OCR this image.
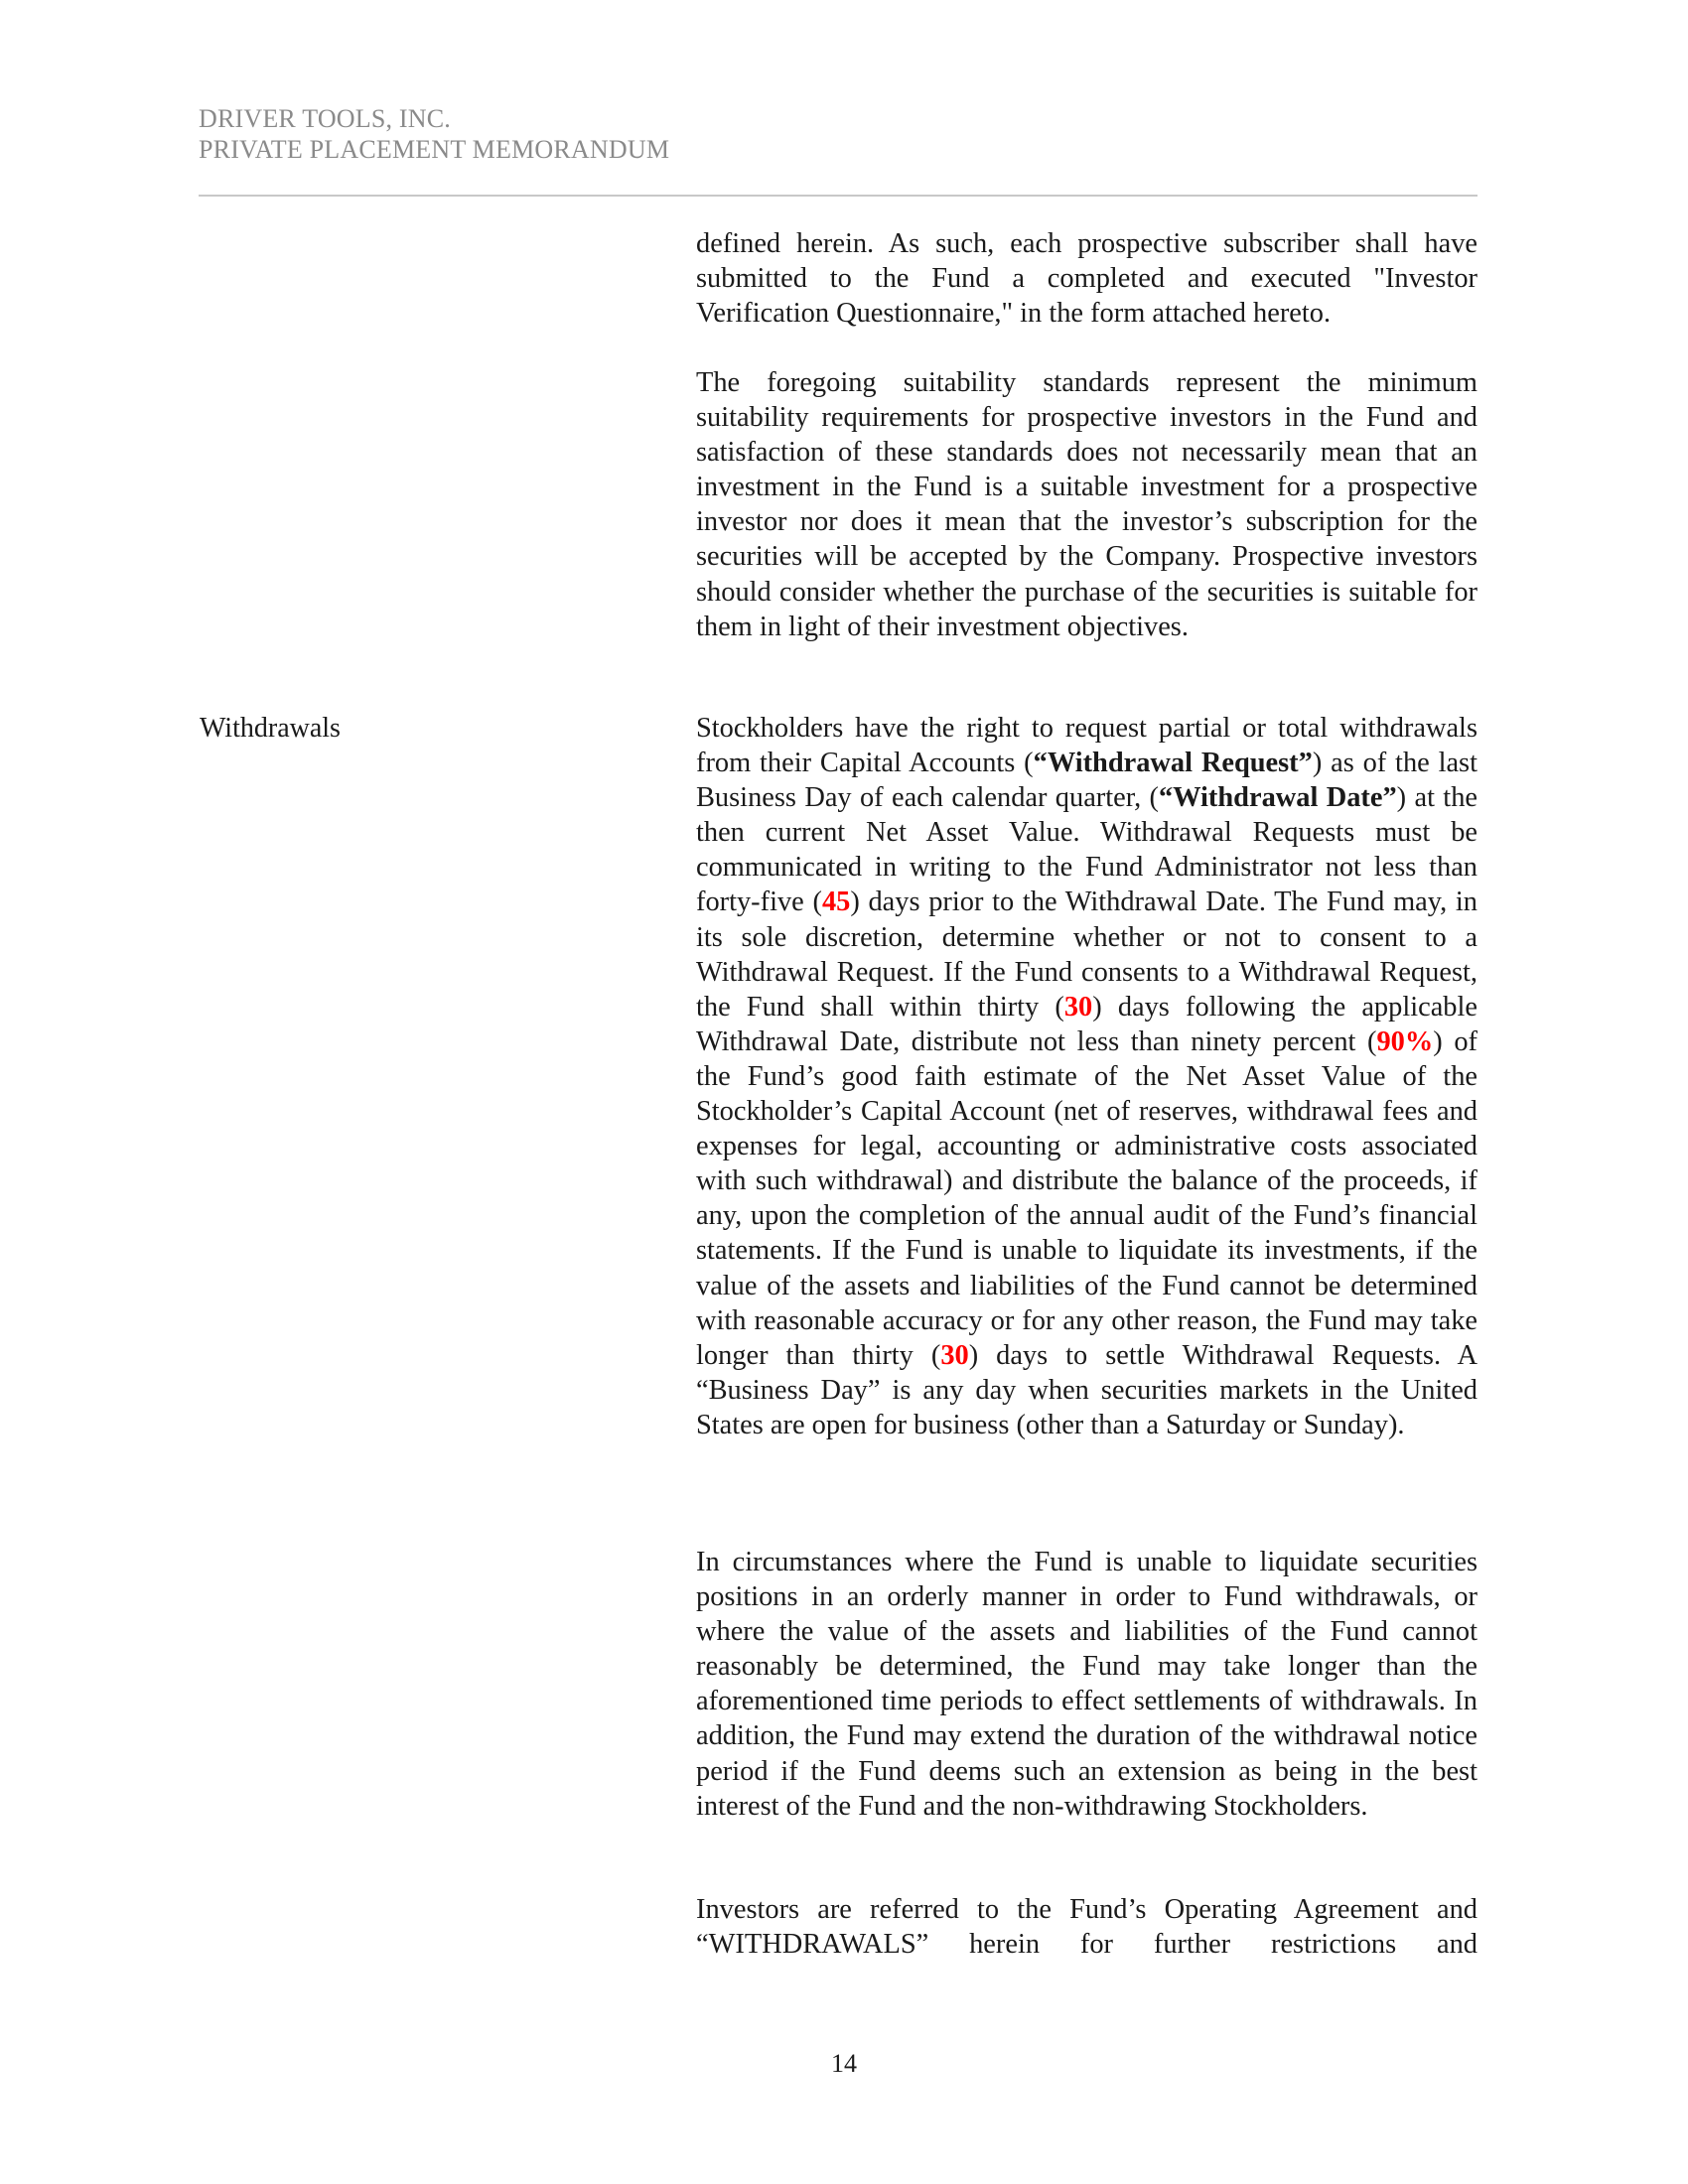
DRIVER TOOLS, INC.
PRIVATE PLACEMENT MEMORANDUM

defined herein. As such, each prospective subscriber shall have submitted to the Fund a completed and executed "Investor Verification Questionnaire," in the form attached hereto.

The foregoing suitability standards represent the minimum suitability requirements for prospective investors in the Fund and satisfaction of these standards does not necessarily mean that an investment in the Fund is a suitable investment for a prospective investor nor does it mean that the investor’s subscription for the securities will be accepted by the Company. Prospective investors should consider whether the purchase of the securities is suitable for them in light of their investment objectives.

Withdrawals	Stockholders have the right to request partial or total withdrawals from their Capital Accounts (“Withdrawal Request”) as of the last Business Day of each calendar quarter, (“Withdrawal Date”) at the then current Net Asset Value. Withdrawal Requests must be communicated in writing to the Fund Administrator not less than forty-five (45) days prior to the Withdrawal Date. The Fund may, in its sole discretion, determine whether or not to consent to a Withdrawal Request. If the Fund consents to a Withdrawal Request, the Fund shall within thirty (30) days following the applicable Withdrawal Date, distribute not less than ninety percent (90%) of the Fund’s good faith estimate of the Net Asset Value of the Stockholder’s Capital Account (net of reserves, withdrawal fees and expenses for legal, accounting or administrative costs associated with such withdrawal) and distribute the balance of the proceeds, if any, upon the completion of the annual audit of the Fund’s financial statements. If the Fund is unable to liquidate its investments, if the value of the assets and liabilities of the Fund cannot be determined with reasonable accuracy or for any other reason, the Fund may take longer than thirty (30) days to settle Withdrawal Requests. A “Business Day” is any day when securities markets in the United States are open for business (other than a Saturday or Sunday).

In circumstances where the Fund is unable to liquidate securities positions in an orderly manner in order to Fund withdrawals, or where the value of the assets and liabilities of the Fund cannot reasonably be determined, the Fund may take longer than the aforementioned time periods to effect settlements of withdrawals. In addition, the Fund may extend the duration of the withdrawal notice period if the Fund deems such an extension as being in the best interest of the Fund and the non-withdrawing Stockholders.

Investors are referred to the Fund’s Operating Agreement and “WITHDRAWALS” herein for further restrictions and

14
